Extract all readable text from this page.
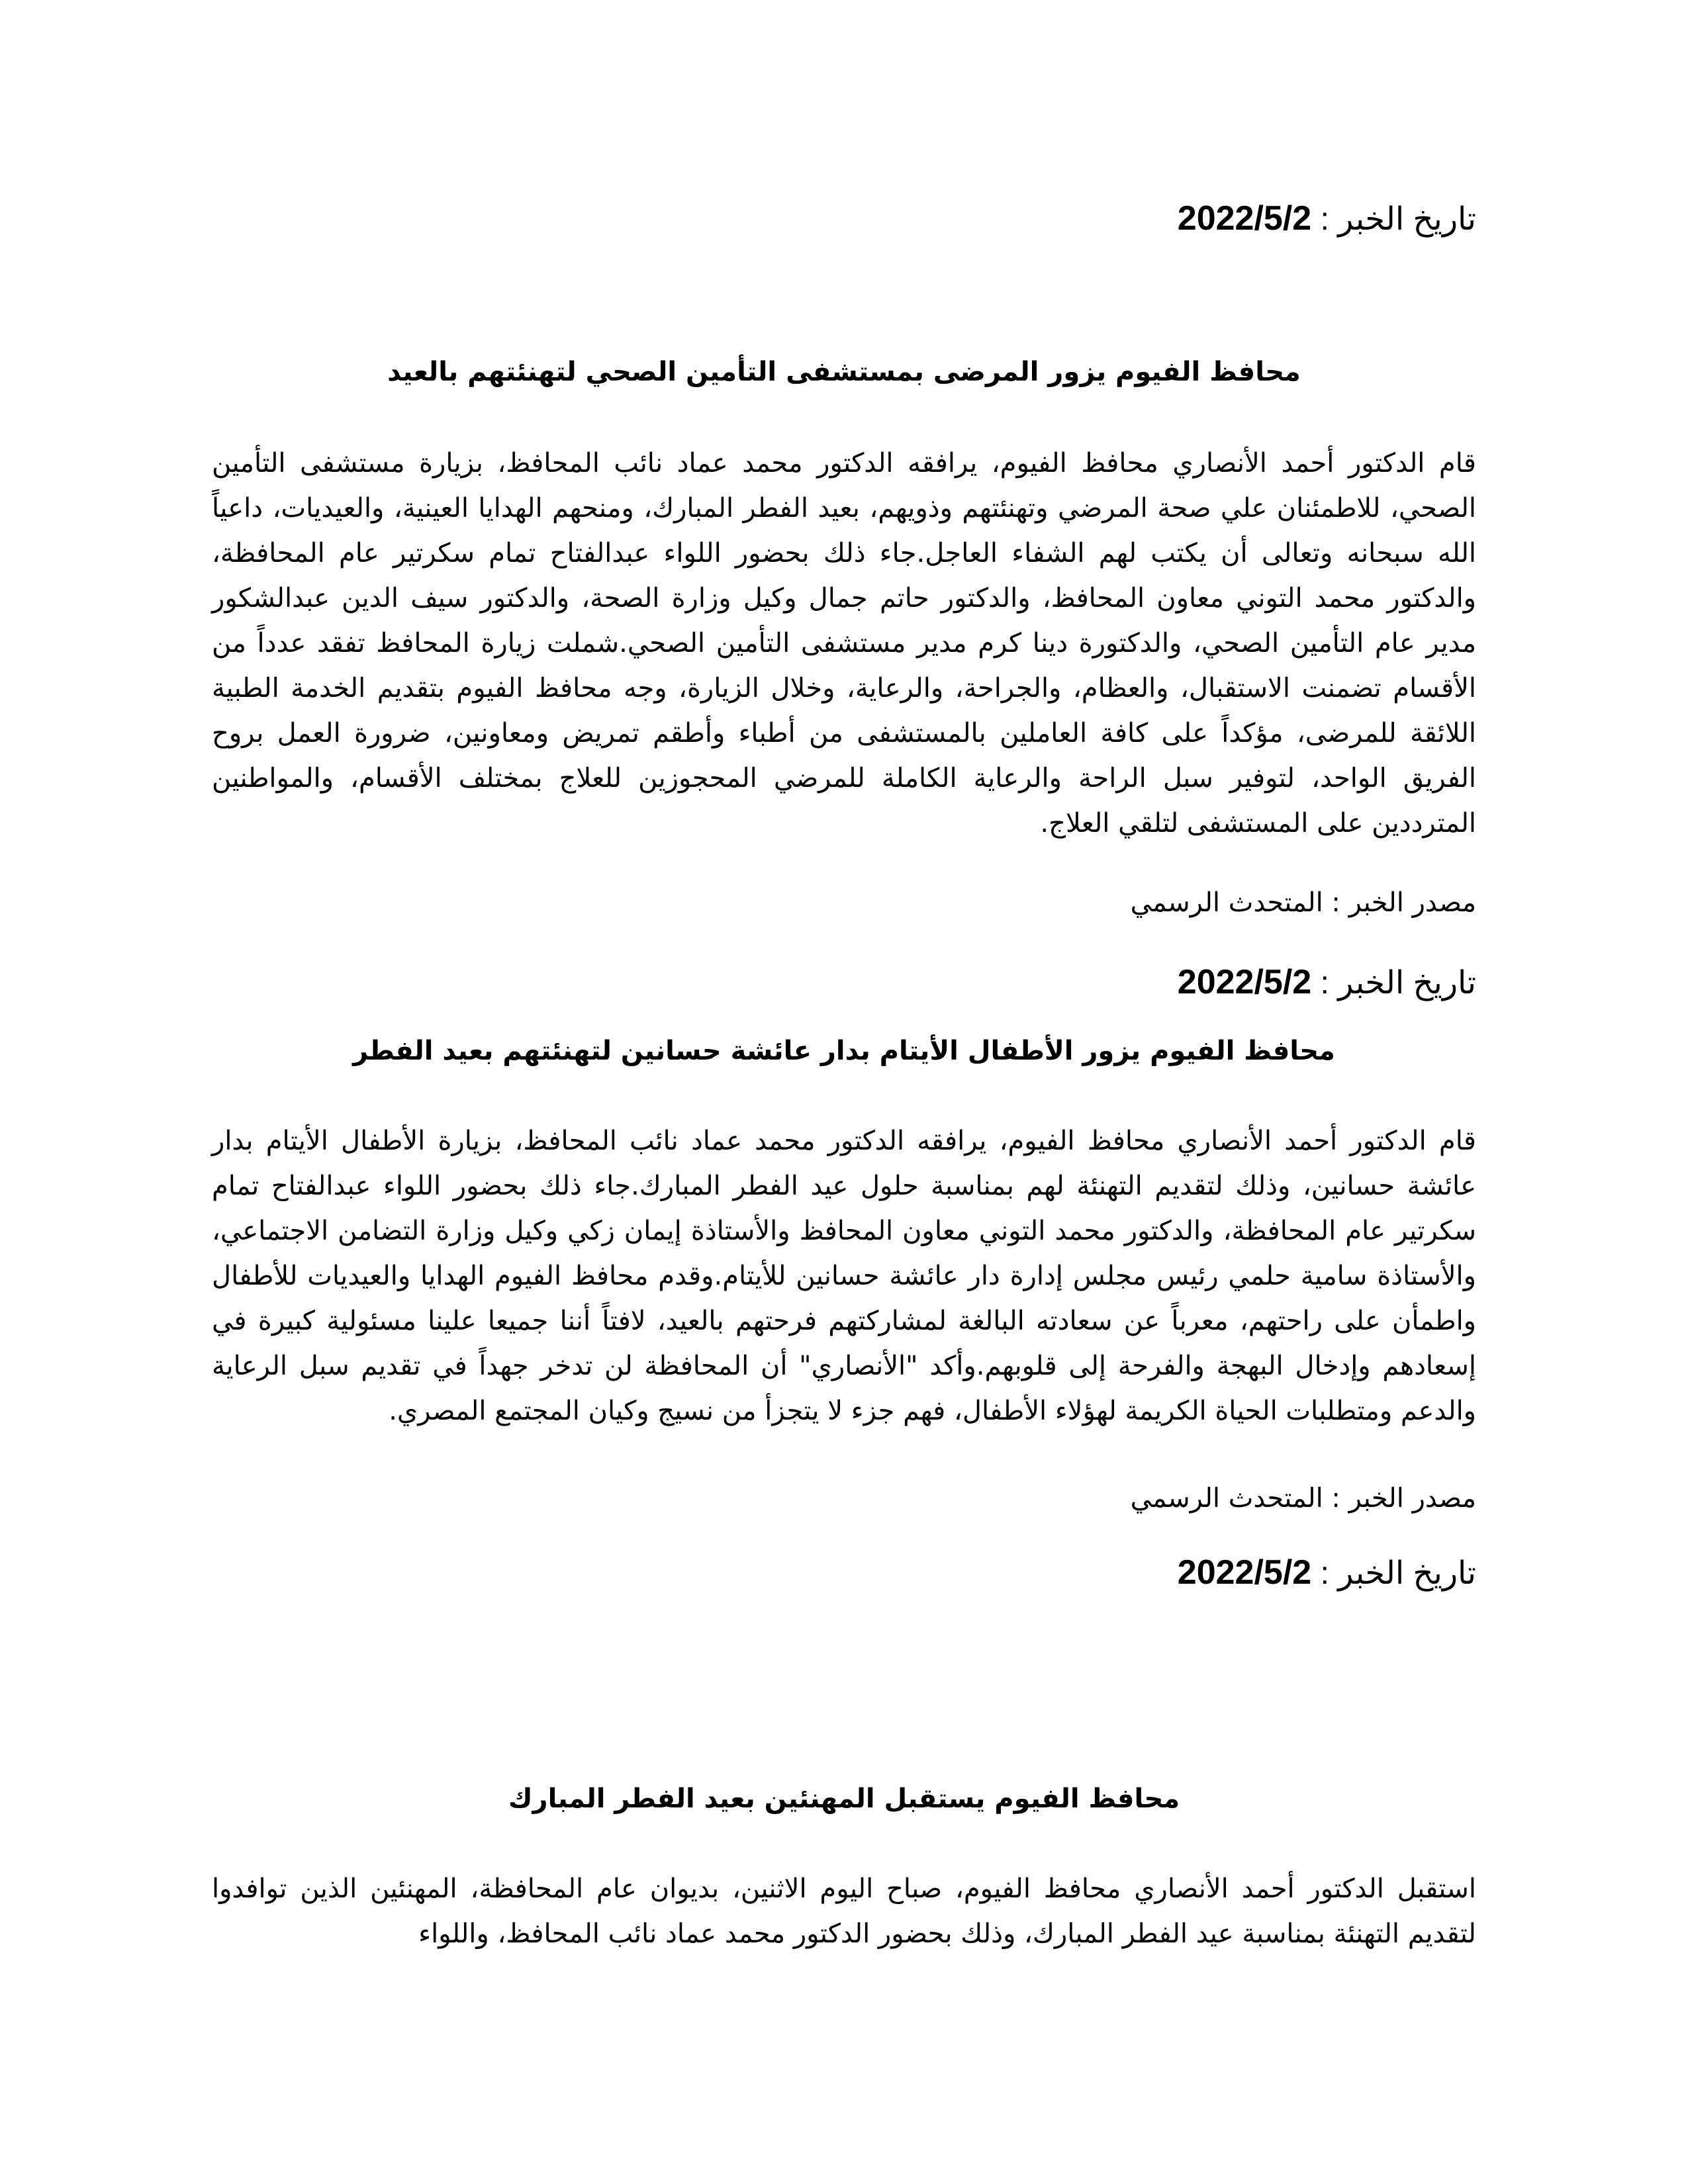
تاريخ الخبر : 2022/5/2
محافظ الفيوم يزور المرضى بمستشفى التأمين الصحي لتهنئتهم بالعيد

قام الدكتور أحمد الأنصاري محافظ الفيوم، يرافقه الدكتور محمد عماد نائب المحافظ، بزيارة مستشفى التأمين الصحي، للاطمئنان علي صحة المرضي وتهنئتهم وذويهم، بعيد الفطر المبارك، ومنحهم الهدايا العينية، والعيديات، داعياً الله سبحانه وتعالى أن يكتب لهم الشفاء العاجل.جاء ذلك بحضور اللواء عبدالفتاح تمام سكرتير عام المحافظة، والدكتور محمد التوني معاون المحافظ، والدكتور حاتم جمال وكيل وزارة الصحة، والدكتور سيف الدين عبدالشكور مدير عام التأمين الصحي، والدكتورة دينا كرم مدير مستشفى التأمين الصحي.شملت زيارة المحافظ تفقد عدداً من الأقسام تضمنت الاستقبال، والعظام، والجراحة، والرعاية، وخلال الزيارة، وجه محافظ الفيوم بتقديم الخدمة الطبية اللائقة للمرضى، مؤكداً على كافة العاملين بالمستشفى من أطباء وأطقم تمريض ومعاونين، ضرورة العمل بروح الفريق الواحد، لتوفير سبل الراحة والرعاية الكاملة للمرضي المحجوزين للعلاج بمختلف الأقسام، والمواطنين المترددين على المستشفى لتلقي العلاج.

مصدر الخبر : المتحدث الرسمي
تاريخ الخبر : 2022/5/2
محافظ الفيوم يزور الأطفال الأيتام بدار عائشة حسانين لتهنئتهم بعيد الفطر

قام الدكتور أحمد الأنصاري محافظ الفيوم، يرافقه الدكتور محمد عماد نائب المحافظ، بزيارة الأطفال الأيتام بدار عائشة حسانين، وذلك لتقديم التهنئة لهم بمناسبة حلول عيد الفطر المبارك.جاء ذلك بحضور اللواء عبدالفتاح تمام سكرتير عام المحافظة، والدكتور محمد التوني معاون المحافظ والأستاذة إيمان زكي وكيل وزارة التضامن الاجتماعي، والأستاذة سامية حلمي رئيس مجلس إدارة دار عائشة حسانين للأيتام.وقدم محافظ الفيوم الهدايا والعيديات للأطفال واطمأن على راحتهم، معرباً عن سعادته البالغة لمشاركتهم فرحتهم بالعيد، لافتاً أننا جميعا علينا مسئولية كبيرة في إسعادهم وإدخال البهجة والفرحة إلى قلوبهم.وأكد "الأنصاري" أن المحافظة لن تدخر جهداً في تقديم سبل الرعاية والدعم ومتطلبات الحياة الكريمة لهؤلاء الأطفال، فهم جزء لا يتجزأ من نسيج وكيان المجتمع المصري.

مصدر الخبر : المتحدث الرسمي
تاريخ الخبر : 2022/5/2
محافظ الفيوم يستقبل المهنئين بعيد الفطر المبارك

استقبل الدكتور أحمد الأنصاري محافظ الفيوم، صباح اليوم الاثنين، بديوان عام المحافظة، المهنئين الذين توافدوا لتقديم التهنئة بمناسبة عيد الفطر المبارك، وذلك بحضور الدكتور محمد عماد نائب المحافظ، واللواء
